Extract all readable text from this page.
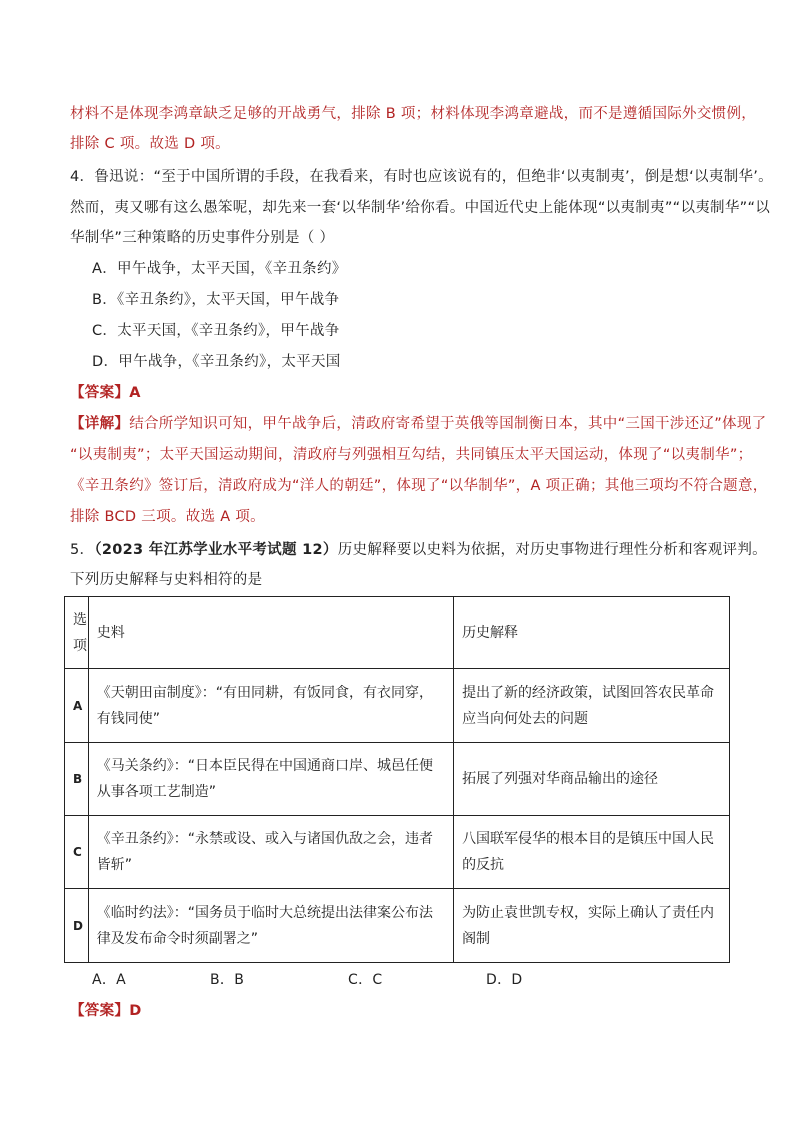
材料不是体现李鸿章缺乏足够的开战勇气，排除 B 项；材料体现李鸿章避战，而不是遵循国际外交惯例，
排除 C 项。故选 D 项。
4．鲁迅说：“至于中国所谓的手段，在我看来，有时也应该说有的，但绝非‘以夷制夷’，倒是想‘以夷制华’。
然而，夷又哪有这么愚笨呢，却先来一套‘以华制华’给你看。中国近代史上能体现“以夷制夷”“以夷制华”“以
华制华”三种策略的历史事件分别是（ ）
A．甲午战争，太平天国，《辛丑条约》
B．《辛丑条约》，太平天国，甲午战争
C．太平天国，《辛丑条约》，甲午战争
D．甲午战争，《辛丑条约》，太平天国
【答案】A
【详解】结合所学知识可知，甲午战争后，清政府寄希望于英俄等国制衡日本，其中“三国干涉还辽”体现了
“以夷制夷”；太平天国运动期间，清政府与列强相互勾结，共同镇压太平天国运动，体现了“以夷制华”；
《辛丑条约》签订后，清政府成为“洋人的朝廷”，体现了“以华制华”，A 项正确；其他三项均不符合题意，
排除 BCD 三项。故选 A 项。
5．（2023 年江苏学业水平考试题 12）历史解释要以史料为依据，对历史事物进行理性分析和客观评判。
下列历史解释与史料相符的是
选项	史料	历史解释
A	《天朝田亩制度》：“有田同耕，有饭同食，有衣同穿，有钱同使”	提出了新的经济政策，试图回答农民革命应当向何处去的问题
B	《马关条约》：“日本臣民得在中国通商口岸、城邑任便从事各项工艺制造”	拓展了列强对华商品输出的途径
C	《辛丑条约》：“永禁或设、或入与诸国仇敌之会，违者皆斩”	八国联军侵华的根本目的是镇压中国人民的反抗
D	《临时约法》：“国务员于临时大总统提出法律案公布法律及发布命令时须副署之”	为防止袁世凯专权，实际上确认了责任内阁制
A．A	B．B	C．C	D．D
【答案】D
